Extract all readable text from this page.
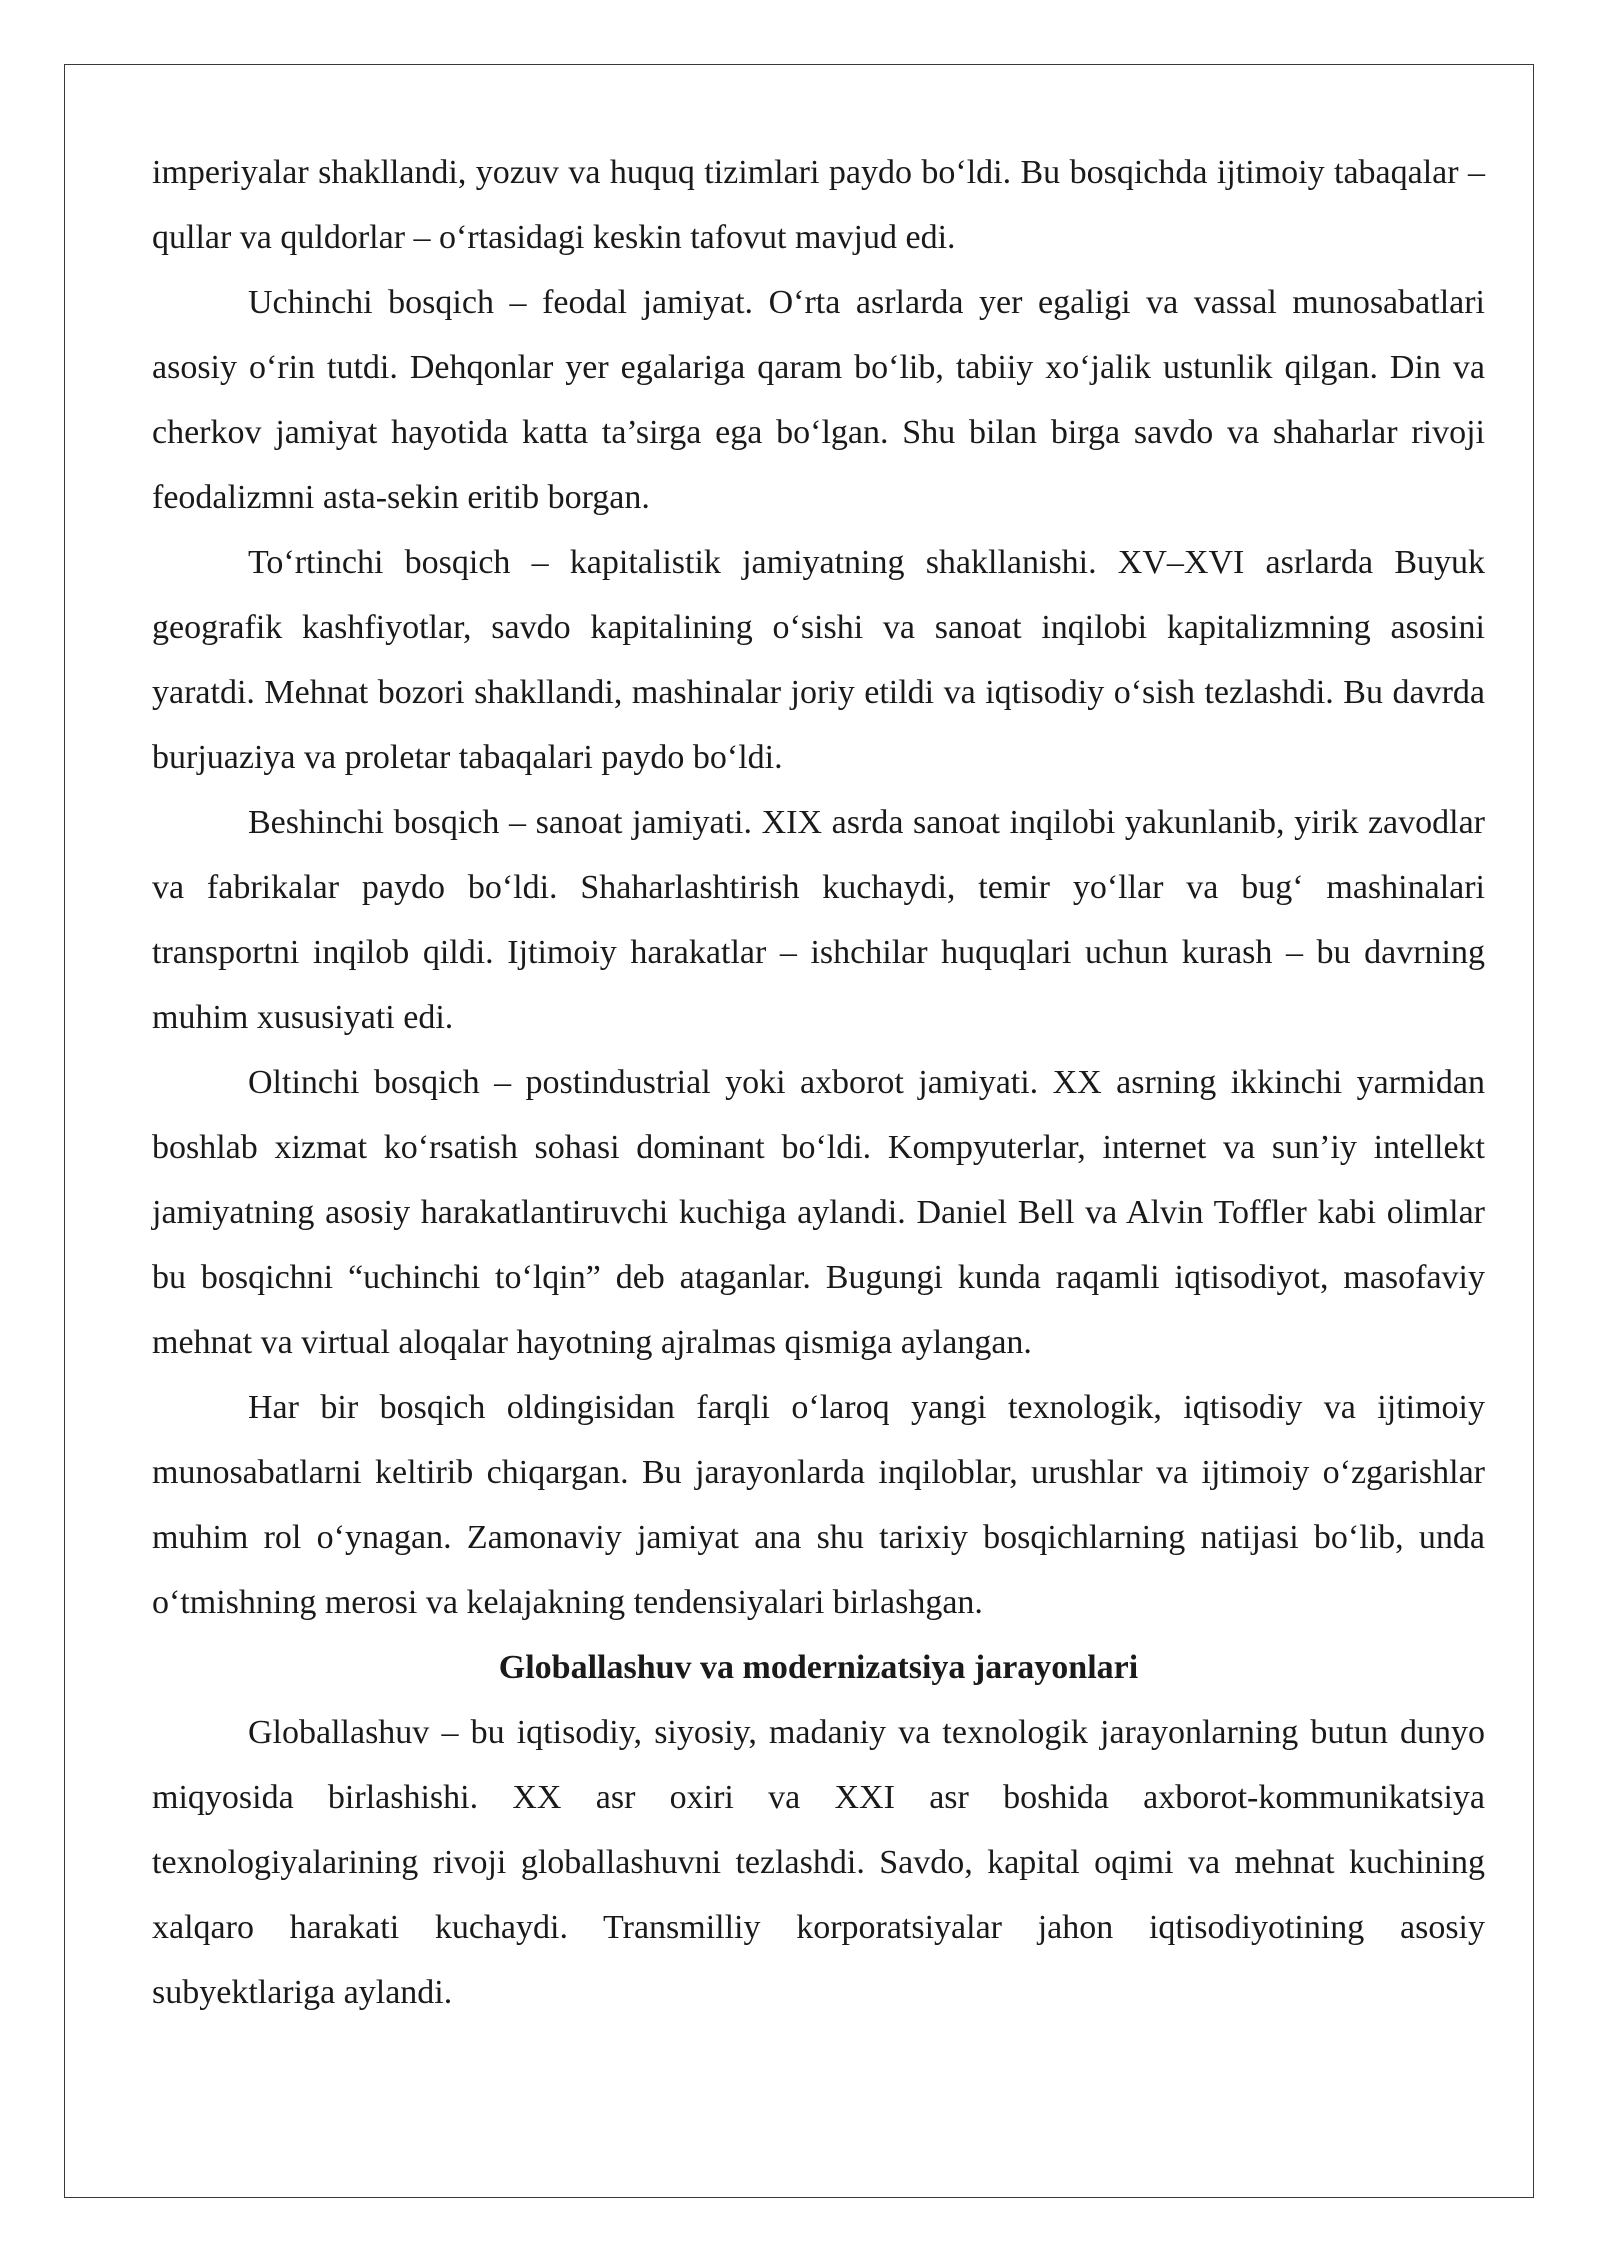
imperiyalar shakllandi, yozuv va huquq tizimlari paydo bo‘ldi. Bu bosqichda ijtimoiy tabaqalar – qullar va quldorlar – o‘rtasidagi keskin tafovut mavjud edi.

Uchinchi bosqich – feodal jamiyat. O‘rta asrlarda yer egaligi va vassal munosabatlari asosiy o‘rin tutdi. Dehqonlar yer egalariga qaram bo‘lib, tabiiy xo‘jalik ustunlik qilgan. Din va cherkov jamiyat hayotida katta ta’sirga ega bo‘lgan. Shu bilan birga savdo va shaharlar rivoji feodalizmni asta-sekin eritib borgan.

To‘rtinchi bosqich – kapitalistik jamiyatning shakllanishi. XV–XVI asrlarda Buyuk geografik kashfiyotlar, savdo kapitalining o‘sishi va sanoat inqilobi kapitalizmning asosini yaratdi. Mehnat bozori shakllandi, mashinalar joriy etildi va iqtisodiy o‘sish tezlashdi. Bu davrda burjuaziya va proletar tabaqalari paydo bo‘ldi.

Beshinchi bosqich – sanoat jamiyati. XIX asrda sanoat inqilobi yakunlanib, yirik zavodlar va fabrikalar paydo bo‘ldi. Shaharlashtirish kuchaydi, temir yo‘llar va bug‘ mashinalari transportni inqilob qildi. Ijtimoiy harakatlar – ishchilar huquqlari uchun kurash – bu davrning muhim xususiyati edi.

Oltinchi bosqich – postindustrial yoki axborot jamiyati. XX asrning ikkinchi yarmidan boshlab xizmat ko‘rsatish sohasi dominant bo‘ldi. Kompyuterlar, internet va sun’iy intellekt jamiyatning asosiy harakatlantiruvchi kuchiga aylandi. Daniel Bell va Alvin Toffler kabi olimlar bu bosqichni “uchinchi to‘lqin” deb ataganlar. Bugungi kunda raqamli iqtisodiyot, masofaviy mehnat va virtual aloqalar hayotning ajralmas qismiga aylangan.

Har bir bosqich oldingisidan farqli o‘laroq yangi texnologik, iqtisodiy va ijtimoiy munosabatlarni keltirib chiqargan. Bu jarayonlarda inqiloblar, urushlar va ijtimoiy o‘zgarishlar muhim rol o‘ynagan. Zamonaviy jamiyat ana shu tarixiy bosqichlarning natijasi bo‘lib, unda o‘tmishning merosi va kelajakning tendensiyalari birlashgan.

Globallashuv va modernizatsiya jarayonlari

Globallashuv – bu iqtisodiy, siyosiy, madaniy va texnologik jarayonlarning butun dunyo miqyosida birlashishi. XX asr oxiri va XXI asr boshida axborot-kommunikatsiya texnologiyalarining rivoji globallashuvni tezlashdi. Savdo, kapital oqimi va mehnat kuchining xalqaro harakati kuchaydi. Transmilliy korporatsiyalar jahon iqtisodiyotining asosiy subyektlariga aylandi.
